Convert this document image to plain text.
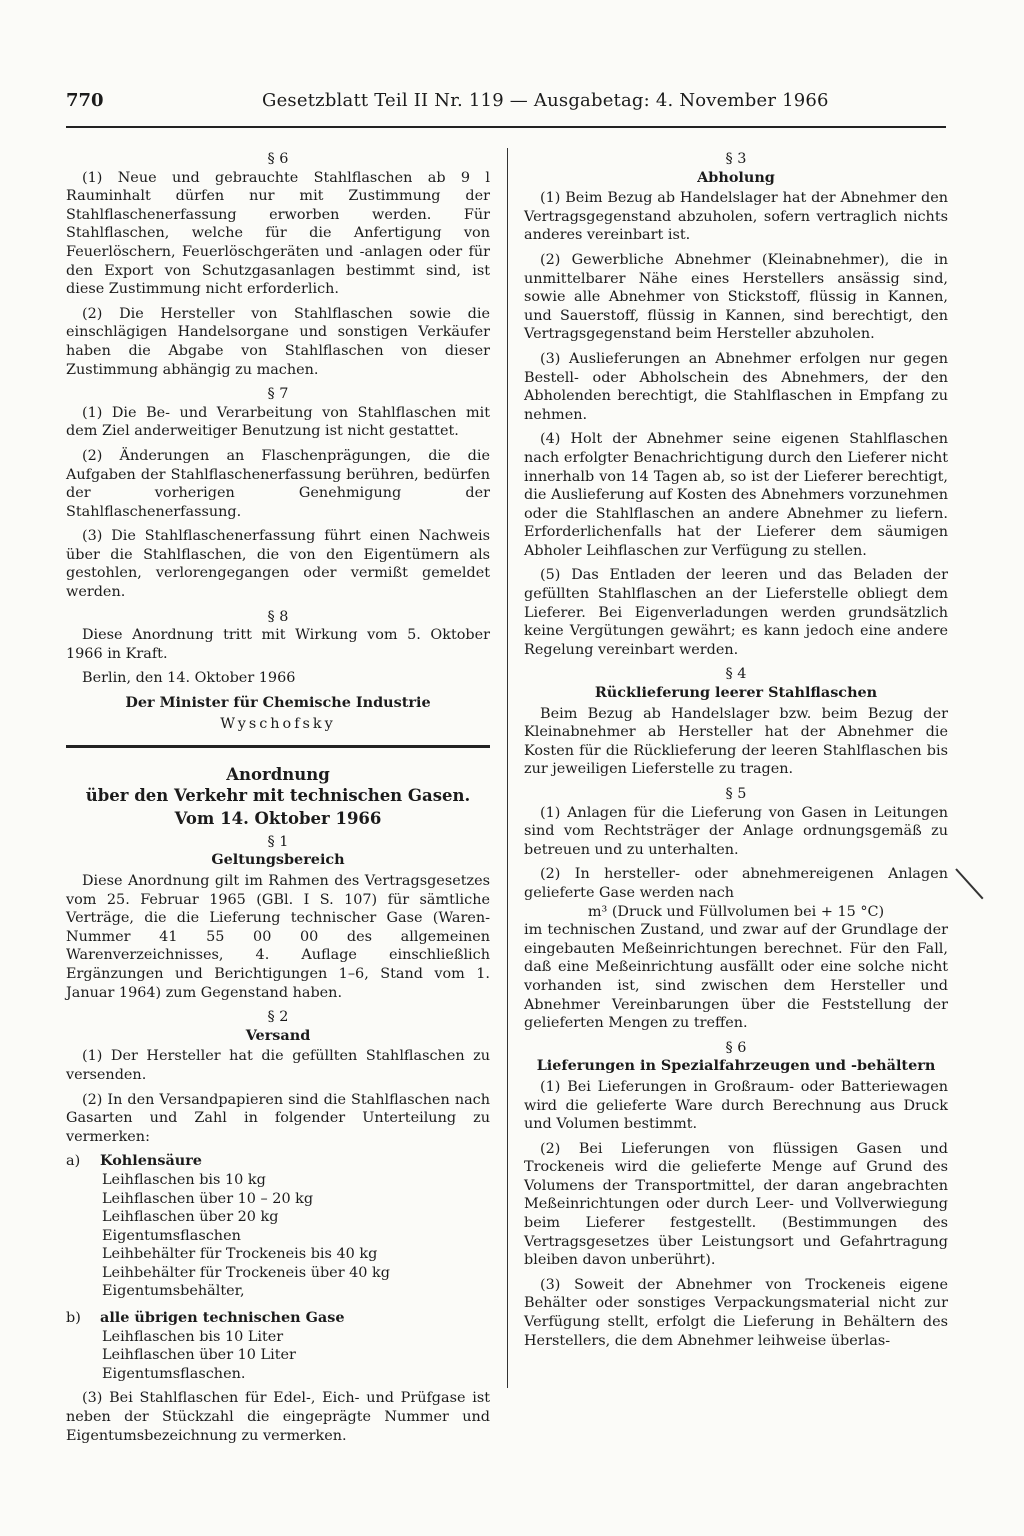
770	Gesetzblatt Teil II Nr. 119 — Ausgabetag: 4. November 1966

§ 6

(1) Neue und gebrauchte Stahlflaschen ab 9 l Rauminhalt dürfen nur mit Zustimmung der Stahlflaschenerfassung erworben werden. Für Stahlflaschen, welche für die Anfertigung von Feuerlöschern, Feuerlöschgeräten und -anlagen oder für den Export von Schutzgasanlagen bestimmt sind, ist diese Zustimmung nicht erforderlich.

(2) Die Hersteller von Stahlflaschen sowie die einschlägigen Handelsorgane und sonstigen Verkäufer haben die Abgabe von Stahlflaschen von dieser Zustimmung abhängig zu machen.

§ 7

(1) Die Be- und Verarbeitung von Stahlflaschen mit dem Ziel anderweitiger Benutzung ist nicht gestattet.

(2) Änderungen an Flaschenprägungen, die die Aufgaben der Stahlflaschenerfassung berühren, bedürfen der vorherigen Genehmigung der Stahlflaschenerfassung.

(3) Die Stahlflaschenerfassung führt einen Nachweis über die Stahlflaschen, die von den Eigentümern als gestohlen, verlorengegangen oder vermißt gemeldet werden.

§ 8

Diese Anordnung tritt mit Wirkung vom 5. Oktober 1966 in Kraft.

Berlin, den 14. Oktober 1966

Der Minister für Chemische Industrie

Wyschofsky

Anordnung

über den Verkehr mit technischen Gasen.

Vom 14. Oktober 1966

§ 1

Geltungsbereich

Diese Anordnung gilt im Rahmen des Vertragsgesetzes vom 25. Februar 1965 (GBl. I S. 107) für sämtliche Verträge, die die Lieferung technischer Gase (Waren-Nummer 41 55 00 00 des allgemeinen Warenverzeichnisses, 4. Auflage einschließlich Ergänzungen und Berichtigungen 1–6, Stand vom 1. Januar 1964) zum Gegenstand haben.

§ 2

Versand

(1) Der Hersteller hat die gefüllten Stahlflaschen zu versenden.

(2) In den Versandpapieren sind die Stahlflaschen nach Gasarten und Zahl in folgender Unterteilung zu vermerken:

a) Kohlensäure

Leihflaschen bis 10 kg

Leihflaschen über 10 – 20 kg

Leihflaschen über 20 kg

Eigentumsflaschen

Leihbehälter für Trockeneis bis 40 kg

Leihbehälter für Trockeneis über 40 kg

Eigentumsbehälter,

b) alle übrigen technischen Gase

Leihflaschen bis 10 Liter

Leihflaschen über 10 Liter

Eigentumsflaschen.

(3) Bei Stahlflaschen für Edel-, Eich- und Prüfgase ist neben der Stückzahl die eingeprägte Nummer und Eigentumsbezeichnung zu vermerken.

§ 3

Abholung

(1) Beim Bezug ab Handelslager hat der Abnehmer den Vertragsgegenstand abzuholen, sofern vertraglich nichts anderes vereinbart ist.

(2) Gewerbliche Abnehmer (Kleinabnehmer), die in unmittelbarer Nähe eines Herstellers ansässig sind, sowie alle Abnehmer von Stickstoff, flüssig in Kannen, und Sauerstoff, flüssig in Kannen, sind berechtigt, den Vertragsgegenstand beim Hersteller abzuholen.

(3) Auslieferungen an Abnehmer erfolgen nur gegen Bestell- oder Abholschein des Abnehmers, der den Abholenden berechtigt, die Stahlflaschen in Empfang zu nehmen.

(4) Holt der Abnehmer seine eigenen Stahlflaschen nach erfolgter Benachrichtigung durch den Lieferer nicht innerhalb von 14 Tagen ab, so ist der Lieferer berechtigt, die Auslieferung auf Kosten des Abnehmers vorzunehmen oder die Stahlflaschen an andere Abnehmer zu liefern. Erforderlichenfalls hat der Lieferer dem säumigen Abholer Leihflaschen zur Verfügung zu stellen.

(5) Das Entladen der leeren und das Beladen der gefüllten Stahlflaschen an der Lieferstelle obliegt dem Lieferer. Bei Eigenverladungen werden grundsätzlich keine Vergütungen gewährt; es kann jedoch eine andere Regelung vereinbart werden.

§ 4

Rücklieferung leerer Stahlflaschen

Beim Bezug ab Handelslager bzw. beim Bezug der Kleinabnehmer ab Hersteller hat der Abnehmer die Kosten für die Rücklieferung der leeren Stahlflaschen bis zur jeweiligen Lieferstelle zu tragen.

§ 5

(1) Anlagen für die Lieferung von Gasen in Leitungen sind vom Rechtsträger der Anlage ordnungsgemäß zu betreuen und zu unterhalten.

(2) In hersteller- oder abnehmereigenen Anlagen gelieferte Gase werden nach

m³ (Druck und Füllvolumen bei + 15 °C)

im technischen Zustand, und zwar auf der Grundlage der eingebauten Meßeinrichtungen berechnet. Für den Fall, daß eine Meßeinrichtung ausfällt oder eine solche nicht vorhanden ist, sind zwischen dem Hersteller und Abnehmer Vereinbarungen über die Feststellung der gelieferten Mengen zu treffen.

§ 6

Lieferungen in Spezialfahrzeugen und -behältern

(1) Bei Lieferungen in Großraum- oder Batteriewagen wird die gelieferte Ware durch Berechnung aus Druck und Volumen bestimmt.

(2) Bei Lieferungen von flüssigen Gasen und Trockeneis wird die gelieferte Menge auf Grund des Volumens der Transportmittel, der daran angebrachten Meßeinrichtungen oder durch Leer- und Vollverwiegung beim Lieferer festgestellt. (Bestimmungen des Vertragsgesetzes über Leistungsort und Gefahrtragung bleiben davon unberührt).

(3) Soweit der Abnehmer von Trockeneis eigene Behälter oder sonstiges Verpackungsmaterial nicht zur Verfügung stellt, erfolgt die Lieferung in Behältern des Herstellers, die dem Abnehmer leihweise überlas-
